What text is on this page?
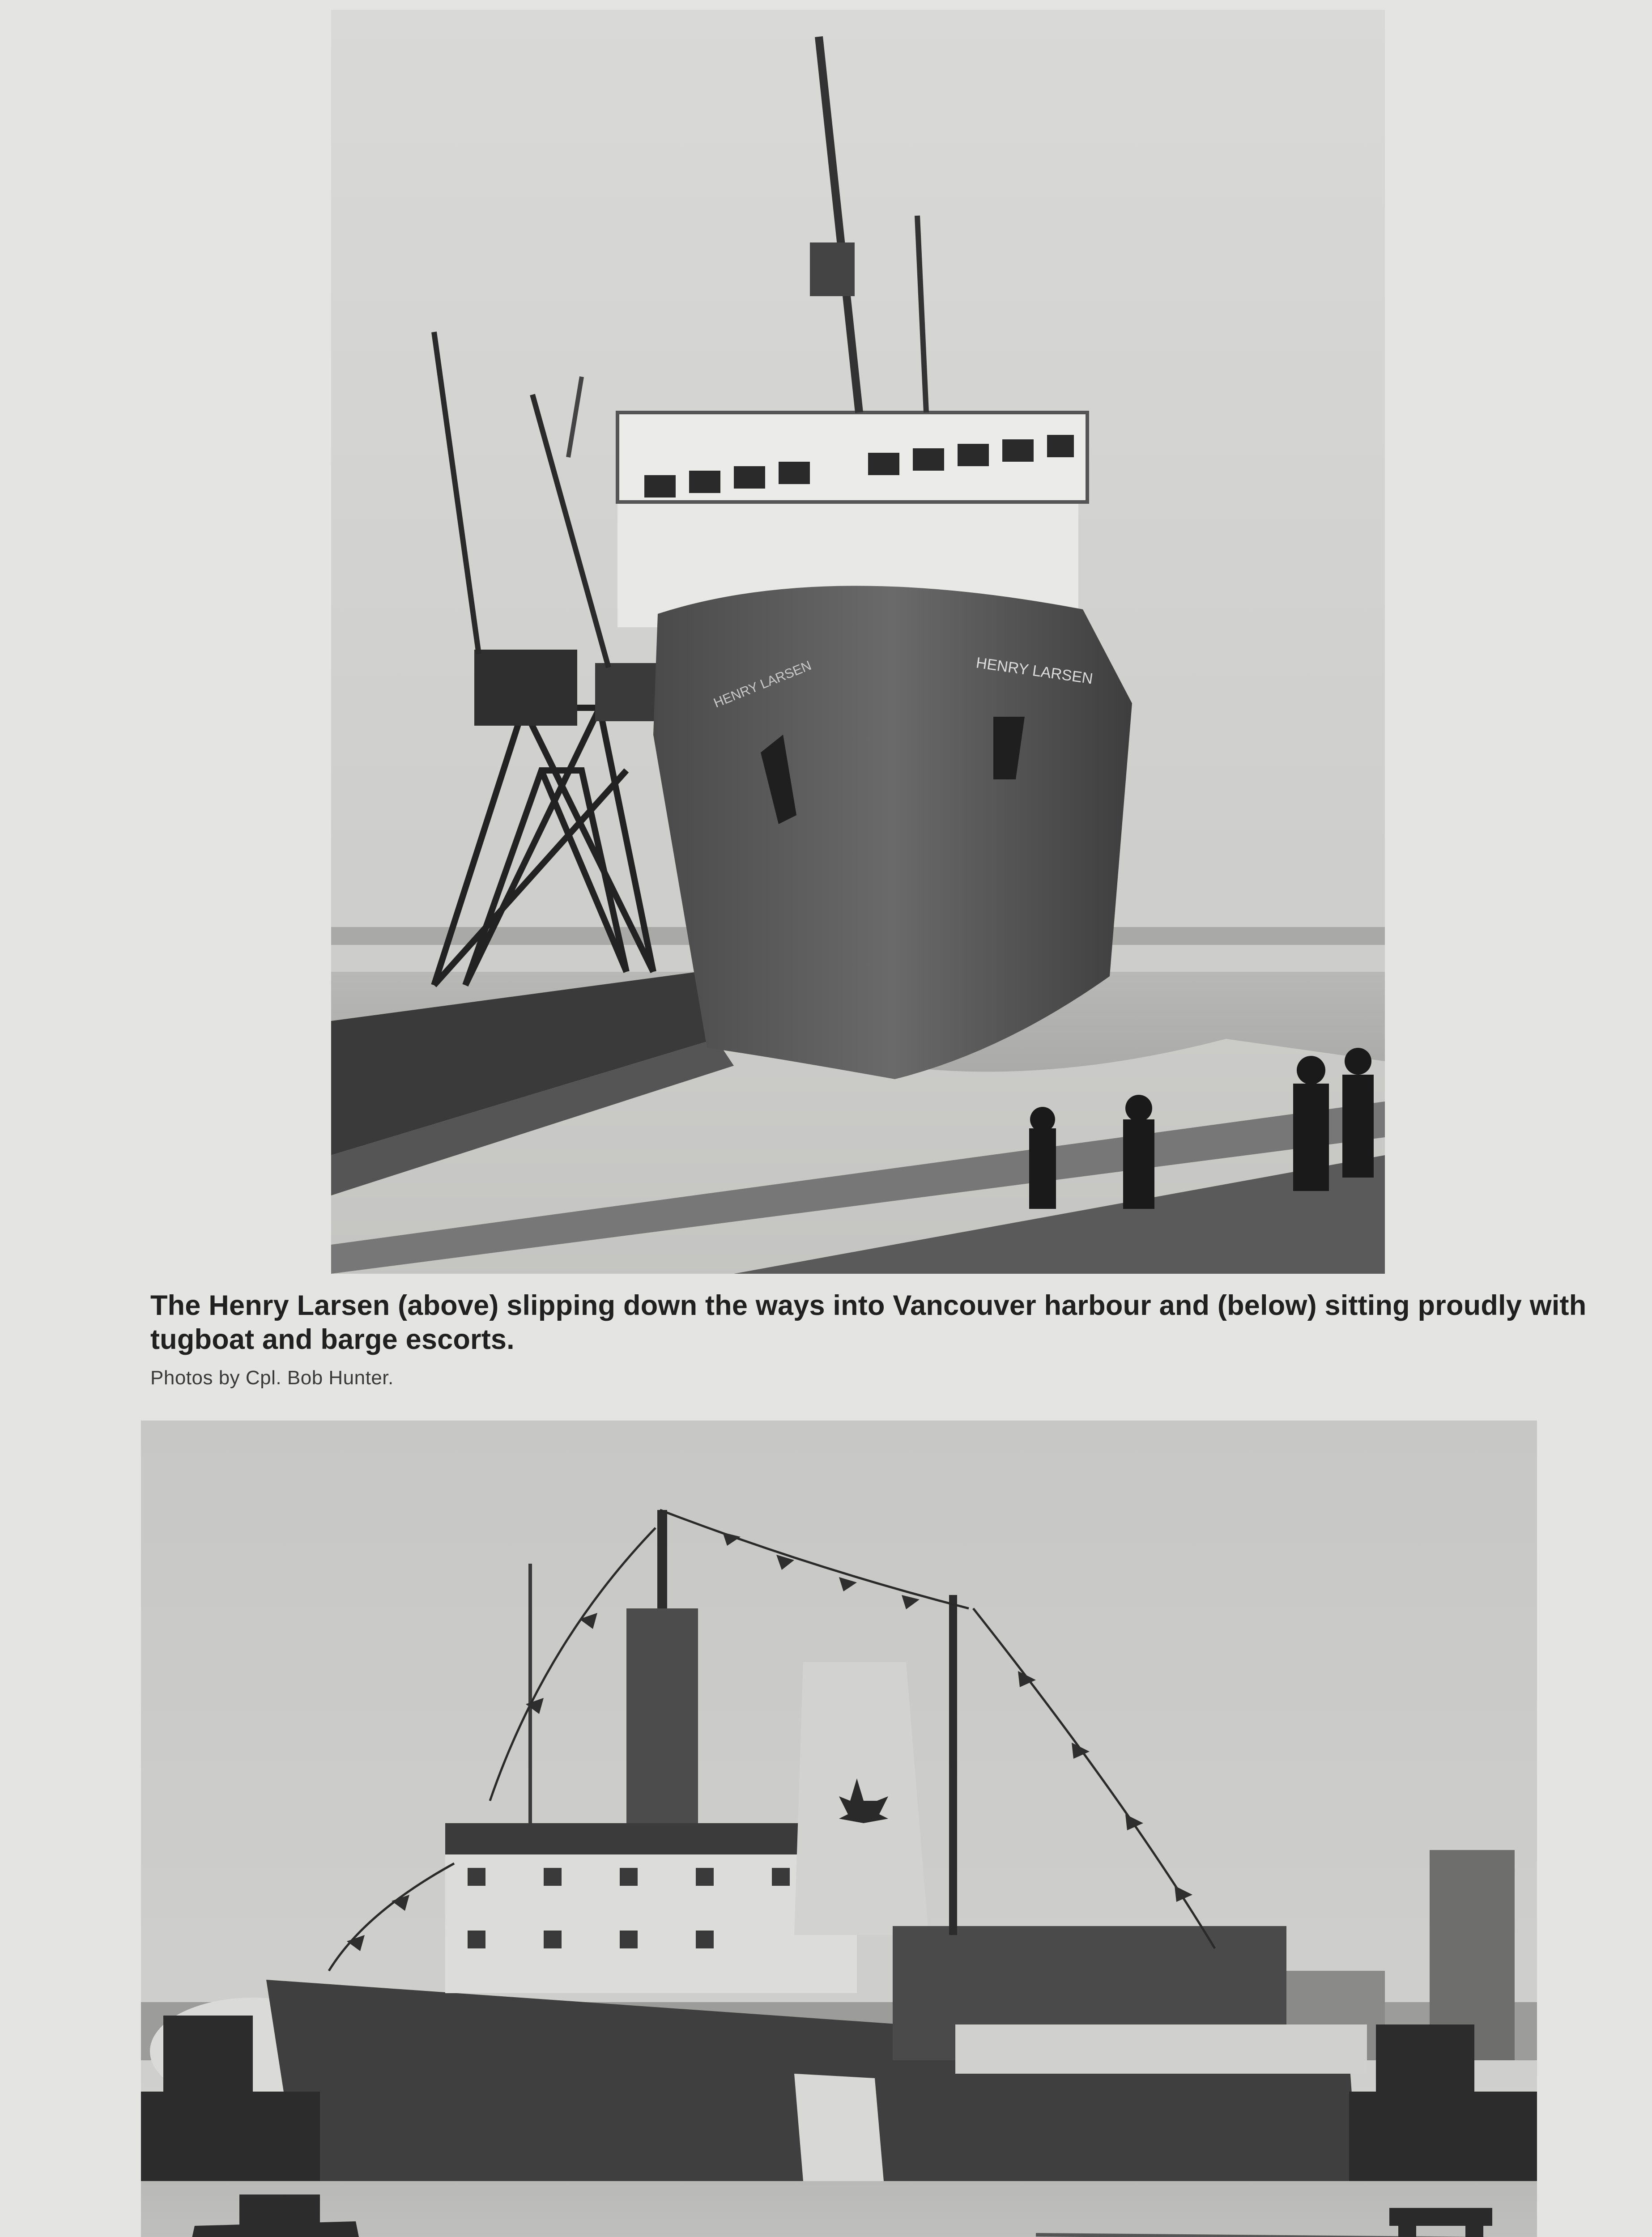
HENRY LARSEN
HENRY LARSEN
The Henry Larsen (above) slipping down the ways into Vancouver harbour and (below) sitting proudly with tugboat and barge escorts.
Photos by Cpl. Bob Hunter.
